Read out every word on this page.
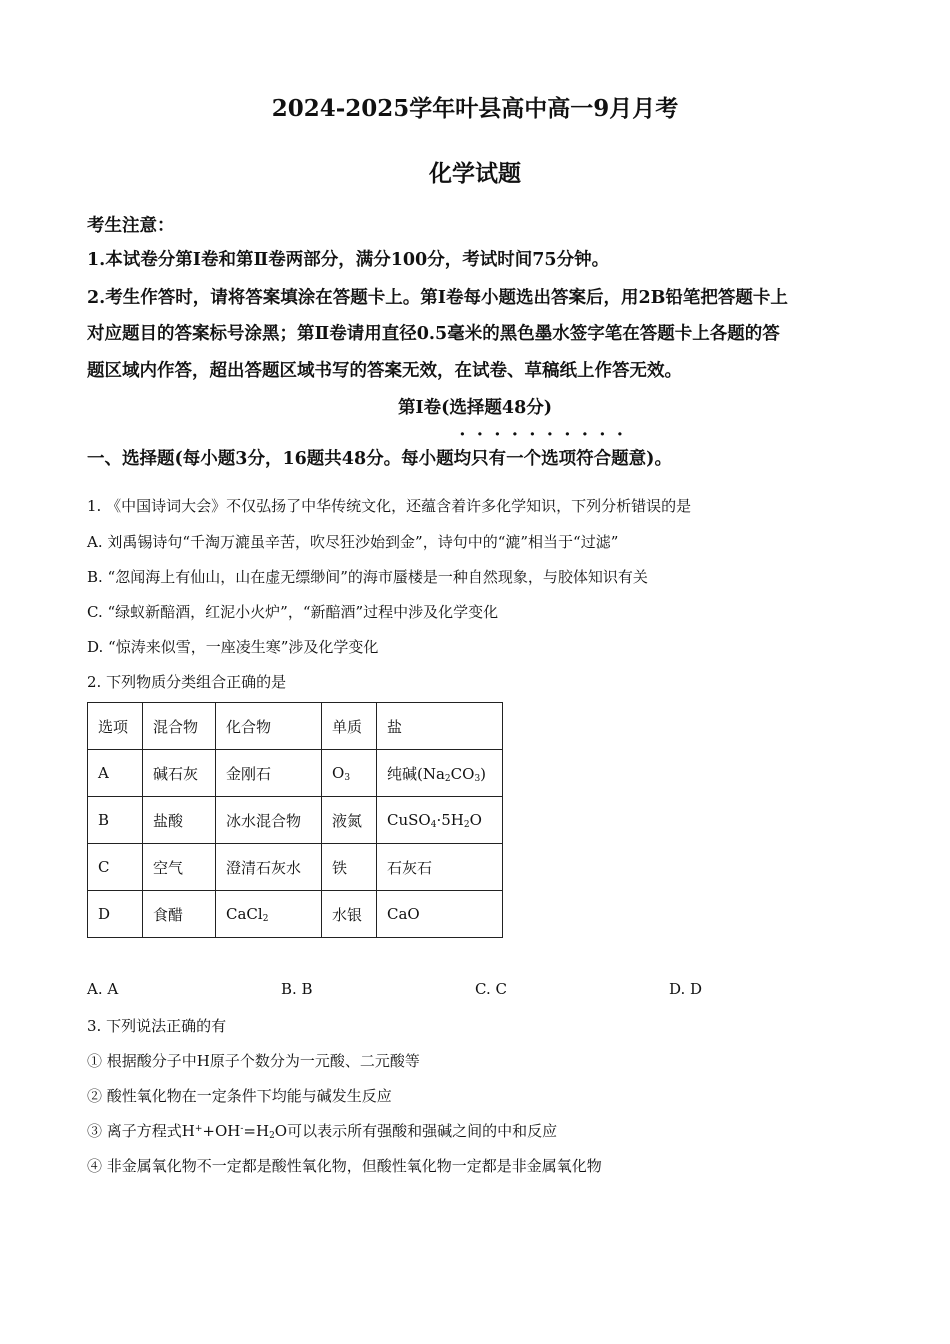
2024-2025学年叶县高中高一9月月考
化学试题
考生注意：
1.本试卷分第Ⅰ卷和第Ⅱ卷两部分，满分100分，考试时间75分钟。
2.考生作答时，请将答案填涂在答题卡上。第Ⅰ卷每小题选出答案后，用2B铅笔把答题卡上
对应题目的答案标号涂黑；第Ⅱ卷请用直径0.5毫米的黑色墨水签字笔在答题卡上各题的答
题区域内作答，超出答题区域书写的答案无效，在试卷、草稿纸上作答无效。
第Ⅰ卷(选择题48分)
一、选择题(每小题3分，16题共48分。每小题均只有一个选项符合题意)。
1. 《中国诗词大会》不仅弘扬了中华传统文化，还蕴含着许多化学知识，下列分析错误的是
A. 刘禹锡诗句“千淘万漉虽辛苦，吹尽狂沙始到金”，诗句中的“漉”相当于“过滤”
B. “忽闻海上有仙山，山在虚无缥缈间”的海市蜃楼是一种自然现象，与胶体知识有关
C. “绿蚁新醅酒，红泥小火炉”，“新醅酒”过程中涉及化学变化
D. “惊涛来似雪，一座凌生寒”涉及化学变化
2. 下列物质分类组合正确的是
选项	混合物	化合物	单质	盐
A	碱石灰	金刚石	$O_3$	纯碱$(Na_2CO_3)$
B	盐酸	冰水混合物	液氮	$CuSO_4\cdot 5H_2O$
C	空气	澄清石灰水	铁	石灰石
D	食醋	CaCl$_2$	水银	CaO
A. A	B. B	C. C	D. D
3. 下列说法正确的有
① 根据酸分子中H原子个数分为一元酸、二元酸等
② 酸性氧化物在一定条件下均能与碱发生反应
③ 离子方程式$H^++OH^-=H_2O$可以表示所有强酸和强碱之间的中和反应
④ 非金属氧化物不一定都是酸性氧化物，但酸性氧化物一定都是非金属氧化物
